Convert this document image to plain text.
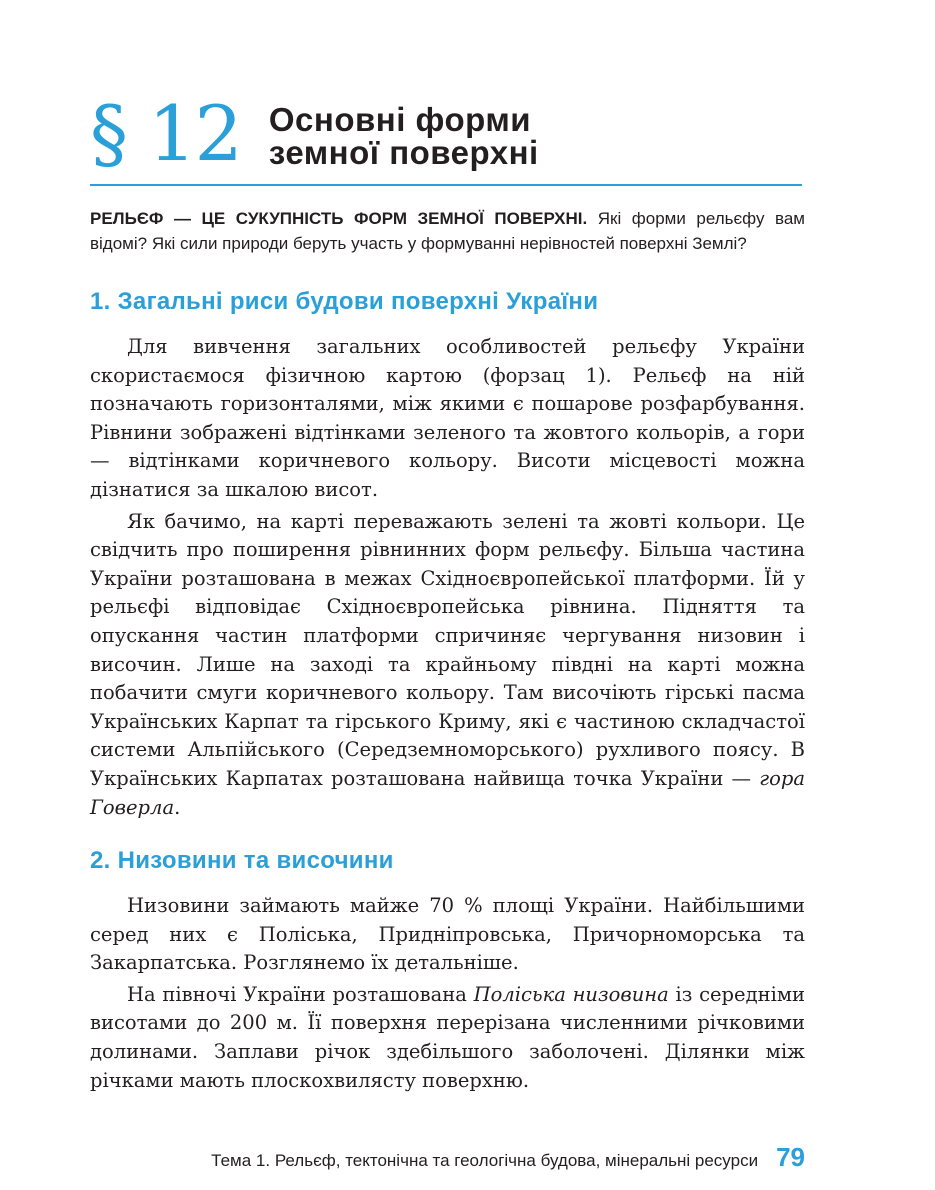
§ 12 Основні форми
земної поверхні
РЕЛЬЄФ — ЦЕ СУКУПНІСТЬ ФОРМ ЗЕМНОЇ ПОВЕРХНІ. Які форми рельєфу вам відомі? Які сили природи беруть участь у формуванні нерівностей поверхні Землі?
1. Загальні риси будови поверхні України

Для вивчення загальних особливостей рельєфу України скористаємося фізичною картою (форзац 1). Рельєф на ній позначають горизонталями, між якими є пошарове розфарбування. Рівнини зображені відтінками зеленого та жовтого кольорів, а гори — відтінками коричневого кольору. Висоти місцевості можна дізнатися за шкалою висот.

Як бачимо, на карті переважають зелені та жовті кольори. Це свідчить про поширення рівнинних форм рельєфу. Більша частина України розташована в межах Східноєвропейської платформи. Їй у рельєфі відповідає Східноєвропейська рівнина. Підняття та опускання частин платформи спричиняє чергування низовин і височин. Лише на заході та крайньому півдні на карті можна побачити смуги коричневого кольору. Там височіють гірські пасма Українських Карпат та гірського Криму, які є частиною складчастої системи Альпійського (Середземноморського) рухливого поясу. В Українських Карпатах розташована найвища точка України — гора Говерла.

2. Низовини та височини

Низовини займають майже 70 % площі України. Найбільшими серед них є Поліська, Придніпровська, Причорноморська та Закарпатська. Розглянемо їх детальніше.

На півночі України розташована Поліська низовина із середніми висотами до 200 м. Її поверхня перерізана численними річковими долинами. Заплави річок здебільшого заболочені. Ділянки між річками мають плоскохвилясту поверхню.

Тема 1. Рельєф, тектонічна та геологічна будова, мінеральні ресурси 79
